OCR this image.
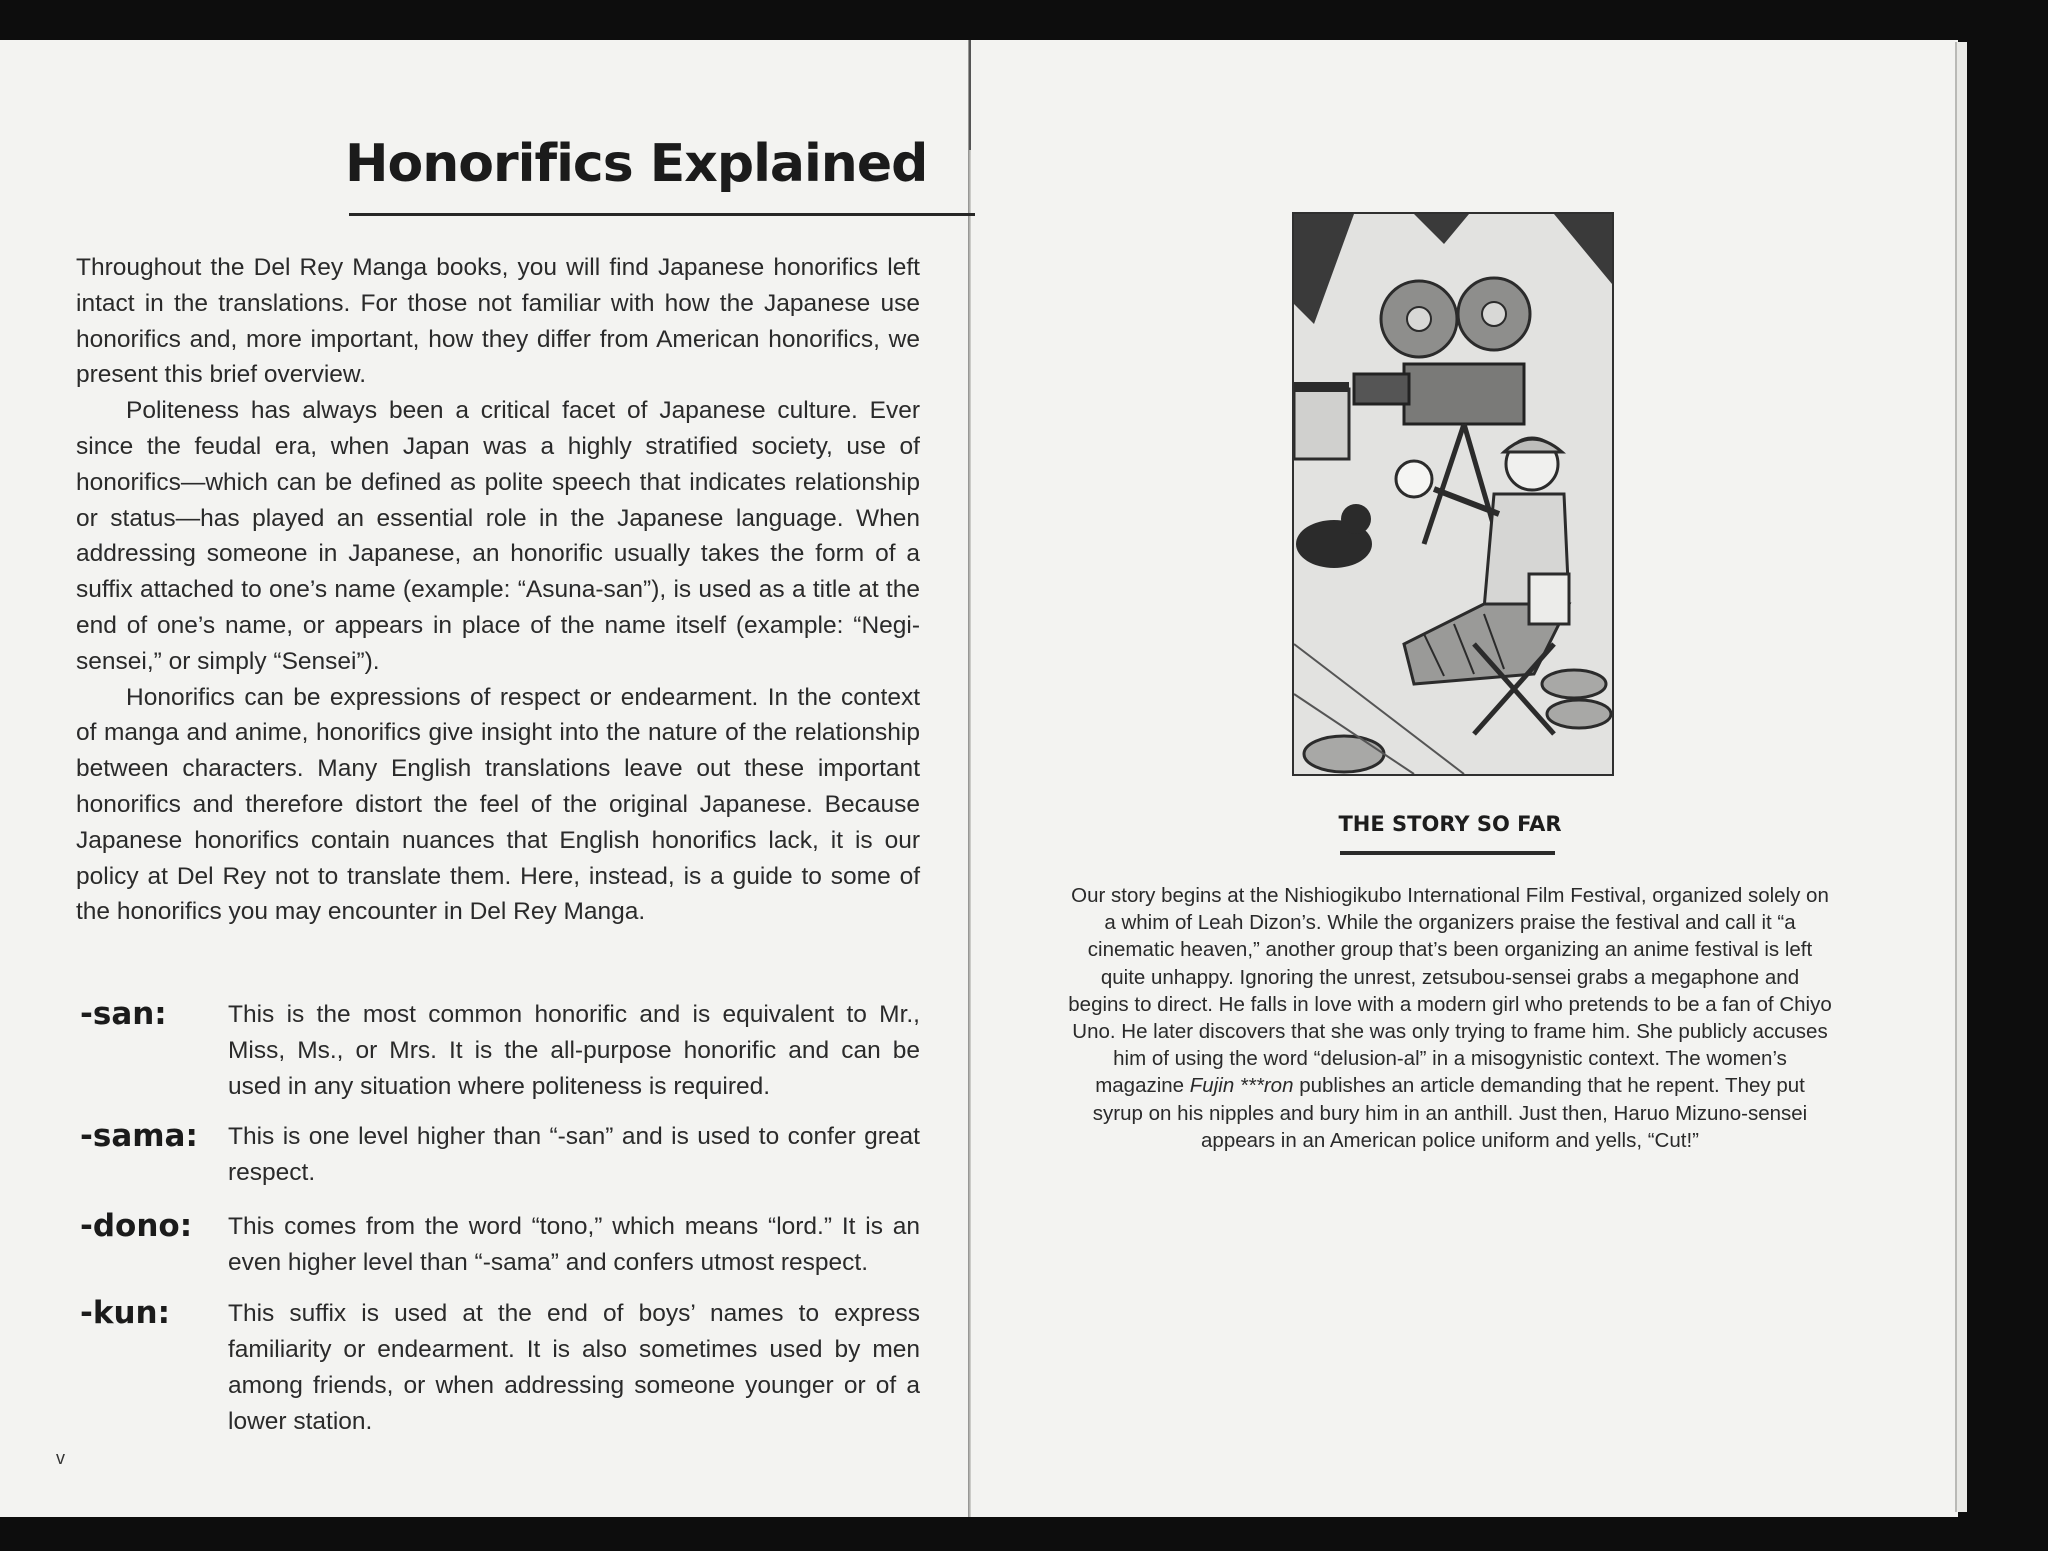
Honorifics Explained

Throughout the Del Rey Manga books, you will find Japanese honorifics left intact in the translations. For those not familiar with how the Japanese use honorifics and, more important, how they differ from American honorifics, we present this brief overview.

Politeness has always been a critical facet of Japanese culture. Ever since the feudal era, when Japan was a highly stratified society, use of honorifics—which can be defined as polite speech that indicates relationship or status—has played an essential role in the Japanese language. When addressing someone in Japanese, an honorific usually takes the form of a suffix attached to one’s name (example: “Asuna-san”), is used as a title at the end of one’s name, or appears in place of the name itself (example: “Negi-sensei,” or simply “Sensei”).

Honorifics can be expressions of respect or endearment. In the context of manga and anime, honorifics give insight into the nature of the relationship between characters. Many English translations leave out these important honorifics and therefore distort the feel of the original Japanese. Because Japanese honorifics contain nuances that English honorifics lack, it is our policy at Del Rey not to translate them. Here, instead, is a guide to some of the honorifics you may encounter in Del Rey Manga.

-san:	This is the most common honorific and is equivalent to Mr., Miss, Ms., or Mrs. It is the all-purpose honorific and can be used in any situation where politeness is required.
-sama:	This is one level higher than “-san” and is used to confer great respect.
-dono:	This comes from the word “tono,” which means “lord.” It is an even higher level than “-sama” and confers utmost respect.
-kun:	This suffix is used at the end of boys’ names to express familiarity or endearment. It is also sometimes used by men among friends, or when addressing someone younger or of a lower station.
v
THE STORY SO FAR

Our story begins at the Nishiogikubo International Film Festival, organized solely on a whim of Leah Dizon’s. While the organizers praise the festival and call it “a cinematic heaven,” another group that’s been organizing an anime festival is left quite unhappy. Ignoring the unrest, zetsubou-sensei grabs a megaphone and begins to direct. He falls in love with a modern girl who pretends to be a fan of Chiyo Uno. He later discovers that she was only trying to frame him. She publicly accuses him of using the word “delusion-al” in a misogynistic context. The women’s magazine Fujin ***ron publishes an article demanding that he repent. They put syrup on his nipples and bury him in an anthill. Just then, Haruo Mizuno-sensei appears in an American police uniform and yells, “Cut!”
